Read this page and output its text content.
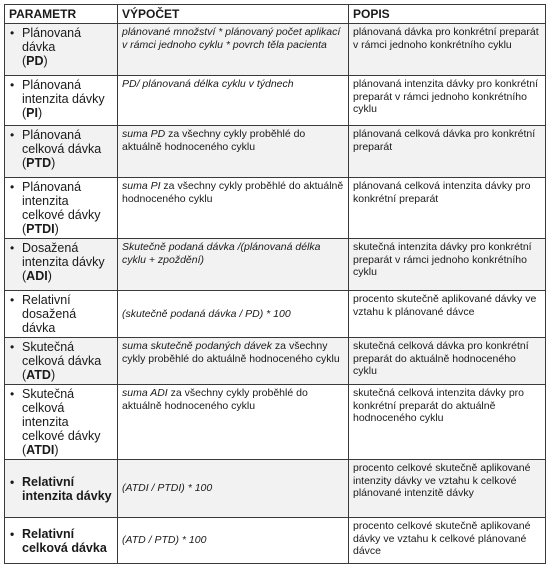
PARAMETR	VÝPOČET	POPIS

• Plánovaná dávka
(PD)	plánované množství * plánovaný počet aplikací v rámci jednoho cyklu * povrch těla pacienta	plánovaná dávka pro konkrétní preparát v rámci jednoho konkrétního cyklu

• Plánovaná intenzita dávky
(PI)	PD/ plánovaná délka cyklu v týdnech	plánovaná intenzita dávky pro konkrétní preparát v rámci jednoho konkrétního cyklu

• Plánovaná celková dávka
(PTD)	suma PD za všechny cykly proběhlé do aktuálně hodnoceného cyklu	plánovaná celková dávka pro konkrétní preparát

• Plánovaná intenzita celkové dávky
(PTDI)	suma PI za všechny cykly proběhlé do aktuálně hodnoceného cyklu	plánovaná celková intenzita dávky pro konkrétní preparát

• Dosažená intenzita dávky
(ADI)	Skutečně podaná dávka /(plánovaná délka cyklu + zpoždění)	skutečná intenzita dávky pro konkrétní preparát v rámci jednoho konkrétního cyklu

• Relativní dosažená dávka	(skutečně podaná dávka / PD) * 100	procento skutečně aplikované dávky ve vztahu k plánované dávce

• Skutečná celková dávka
(ATD)	suma skutečně podaných dávek za všechny cykly proběhlé do aktuálně hodnoceného cyklu	skutečná celková dávka pro konkrétní preparát do aktuálně hodnoceného cyklu

• Skutečná celková intenzita celkové dávky
(ATDI)	suma ADI za všechny cykly proběhlé do aktuálně hodnoceného cyklu	skutečná celková intenzita dávky pro konkrétní preparát do aktuálně hodnoceného cyklu

• Relativní intenzita dávky	(ATDI / PTDI) * 100	procento celkové skutečně aplikované intenzity dávky ve vztahu k celkové plánované intenzitě dávky

• Relativní celková dávka	(ATD / PTD) * 100	procento celkové skutečně aplikované dávky ve vztahu k celkové plánované dávce
